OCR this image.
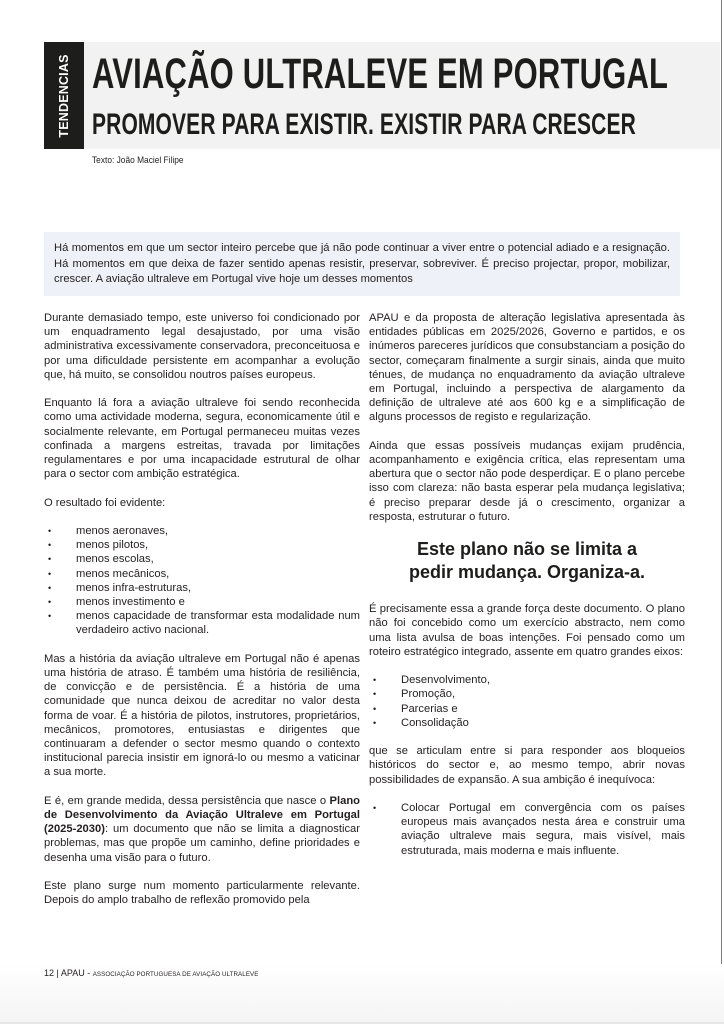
TENDENCIAS AVIAÇÃO ULTRALEVE EM PORTUGAL
PROMOVER PARA EXISTIR. EXISTIR PARA CRESCER
Texto: João Maciel Filipe

Há momentos em que um sector inteiro percebe que já não pode continuar a viver entre o potencial adiado e a resignação. Há momentos em que deixa de fazer sentido apenas resistir, preservar, sobreviver. É preciso projectar, propor, mobilizar, crescer. A aviação ultraleve em Portugal vive hoje um desses momentos

Durante demasiado tempo, este universo foi condicionado por um enquadramento legal desajustado, por uma visão administrativa excessivamente conservadora, preconceituosa e por uma dificuldade persistente em acompanhar a evolução que, há muito, se consolidou noutros países europeus.

Enquanto lá fora a aviação ultraleve foi sendo reconhecida como uma actividade moderna, segura, economicamente útil e socialmente relevante, em Portugal permaneceu muitas vezes confinada a margens estreitas, travada por limitações regulamentares e por uma incapacidade estrutural de olhar para o sector com ambição estratégica.

O resultado foi evidente:

• menos aeronaves,
• menos pilotos,
• menos escolas,
• menos mecânicos,
• menos infra-estruturas,
• menos investimento e
• menos capacidade de transformar esta modalidade num verdadeiro activo nacional.

Mas a história da aviação ultraleve em Portugal não é apenas uma história de atraso. É também uma história de resiliência, de convicção e de persistência. É a história de uma comunidade que nunca deixou de acreditar no valor desta forma de voar. É a história de pilotos, instrutores, proprietários, mecânicos, promotores, entusiastas e dirigentes que continuaram a defender o sector mesmo quando o contexto institucional parecia insistir em ignorá-lo ou mesmo a vaticinar a sua morte.

E é, em grande medida, dessa persistência que nasce o Plano de Desenvolvimento da Aviação Ultraleve em Portugal (2025-2030): um documento que não se limita a diagnosticar problemas, mas que propõe um caminho, define prioridades e desenha uma visão para o futuro.

Este plano surge num momento particularmente relevante. Depois do amplo trabalho de reflexão promovido pela

APAU e da proposta de alteração legislativa apresentada às entidades públicas em 2025/2026, Governo e partidos, e os inúmeros pareceres jurídicos que consubstanciam a posição do sector, começaram finalmente a surgir sinais, ainda que muito ténues, de mudança no enquadramento da aviação ultraleve em Portugal, incluindo a perspectiva de alargamento da definição de ultraleve até aos 600 kg e a simplificação de alguns processos de registo e regularização.

Ainda que essas possíveis mudanças exijam prudência, acompanhamento e exigência crítica, elas representam uma abertura que o sector não pode desperdiçar. E o plano percebe isso com clareza: não basta esperar pela mudança legislativa; é preciso preparar desde já o crescimento, organizar a resposta, estruturar o futuro.

Este plano não se limita a
pedir mudança. Organiza-a.

É precisamente essa a grande força deste documento. O plano não foi concebido como um exercício abstracto, nem como uma lista avulsa de boas intenções. Foi pensado como um roteiro estratégico integrado, assente em quatro grandes eixos:

• Desenvolvimento,
• Promoção,
• Parcerias e
• Consolidação

que se articulam entre si para responder aos bloqueios históricos do sector e, ao mesmo tempo, abrir novas possibilidades de expansão. A sua ambição é inequívoca:

• Colocar Portugal em convergência com os países europeus mais avançados nesta área e construir uma aviação ultraleve mais segura, mais visível, mais estruturada, mais moderna e mais influente.
12 | APAU - ASSOCIAÇÃO PORTUGUESA DE AVIAÇÃO ULTRALEVE
